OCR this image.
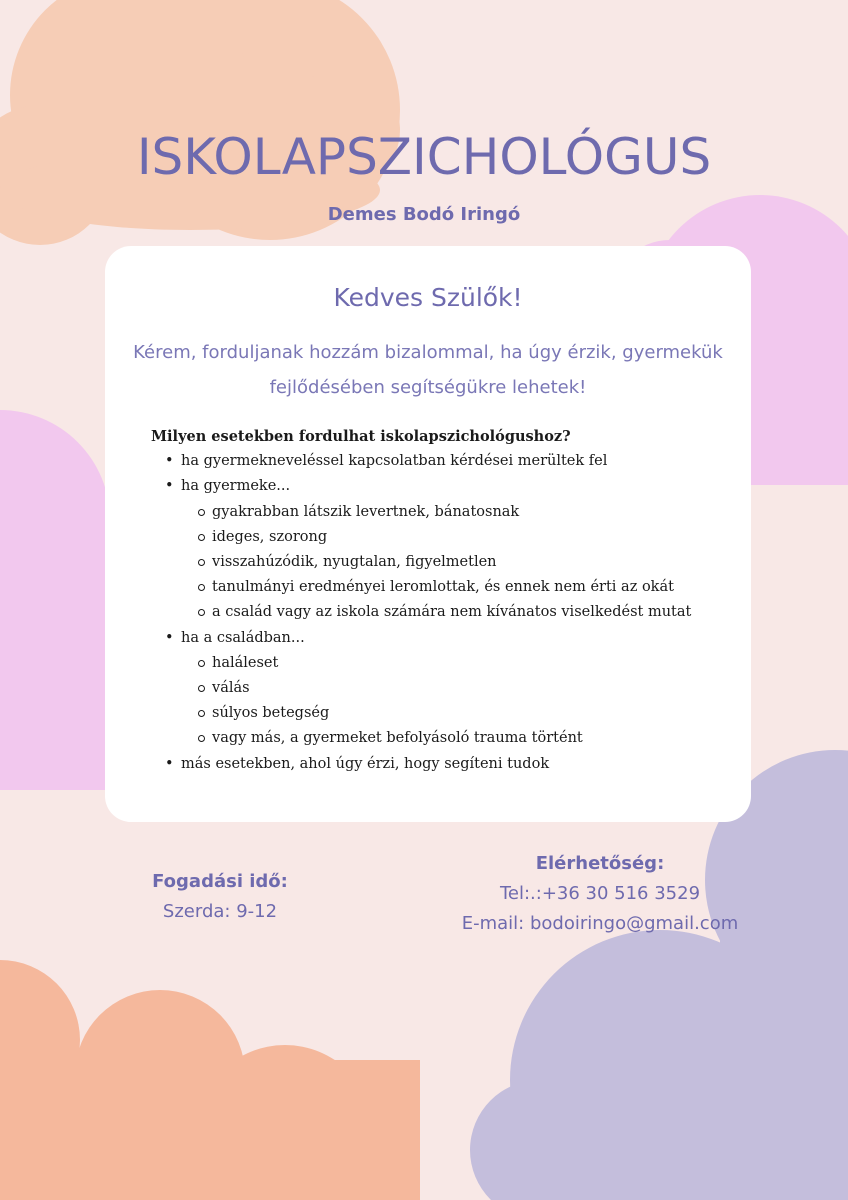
ISKOLAPSZICHOLÓGUS
Demes Bodó Iringó
Kedves Szülők!
Kérem, forduljanak hozzám bizalommal, ha úgy érzik, gyermekük
fejlődésében segítségükre lehetek!
Milyen esetekben fordulhat iskolapszichológushoz?
• ha gyermekneveléssel kapcsolatban kérdései merültek fel
• ha gyermeke...
gyakrabban látszik levertnek, bánatosnak
ideges, szorong
visszahúzódik, nyugtalan, figyelmetlen
tanulmányi eredményei leromlottak, és ennek nem érti az okát
a család vagy az iskola számára nem kívánatos viselkedést mutat
• ha a családban...
haláleset
válás
súlyos betegség
vagy más, a gyermeket befolyásoló trauma történt
• más esetekben, ahol úgy érzi, hogy segíteni tudok
Fogadási idő:
Szerda: 9-12
Elérhetőség:
Tel:.:+36 30 516 3529
E-mail: bodoiringo@gmail.com
